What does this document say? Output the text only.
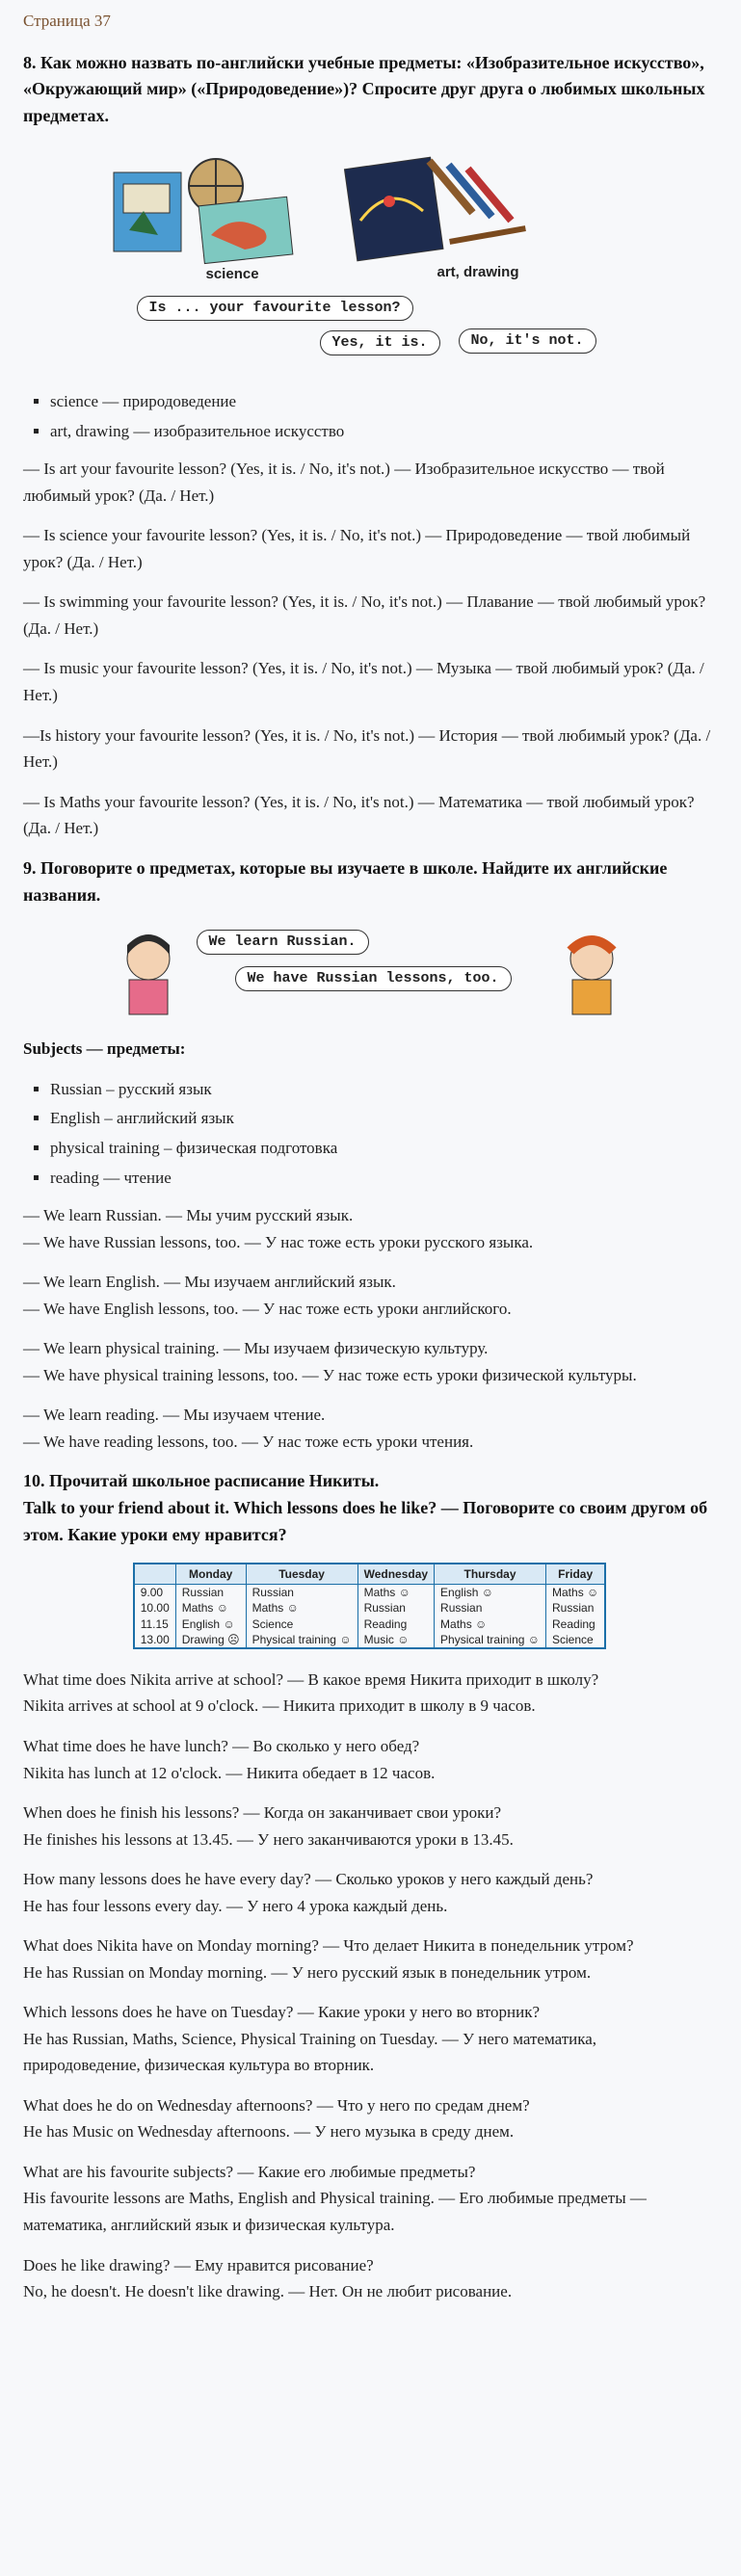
Страница 37
8. Как можно назвать по-английски учебные предметы: «Изобразительное искусство», «Окружающий мир» («Природоведение»)? Спросите друг друга о любимых школьных предметах.
science	art, drawing
Is ... your favourite lesson?
Yes, it is.	No, it's not.
▪ science — природоведение
▪ art, drawing — изобразительное искусство

— Is art your favourite lesson? (Yes, it is. / No, it's not.) — Изобразительное искусство — твой любимый урок? (Да. / Нет.)

— Is science your favourite lesson? (Yes, it is. / No, it's not.) — Природоведение — твой любимый урок? (Да. / Нет.)

— Is swimming your favourite lesson? (Yes, it is. / No, it's not.) — Плавание — твой любимый урок? (Да. / Нет.)

— Is music your favourite lesson? (Yes, it is. / No, it's not.) — Музыка — твой любимый урок? (Да. / Нет.)

—Is history your favourite lesson? (Yes, it is. / No, it's not.) — История — твой любимый урок? (Да. / Нет.)

— Is Maths your favourite lesson? (Yes, it is. / No, it's not.) — Математика — твой любимый урок? (Да. / Нет.)

9. Поговорите о предметах, которые вы изучаете в школе. Найдите их английские названия.
We learn Russian.
We have Russian lessons, too.
Subjects — предметы:
▪ Russian – русский язык
▪ English – английский язык
▪ physical training – физическая подготовка
▪ reading — чтение

— We learn Russian. — Мы учим русский язык.
— We have Russian lessons, too. — У нас тоже есть уроки русского языка.

— We learn English. — Мы изучаем английский язык.
— We have English lessons, too. — У нас тоже есть уроки английского.

— We learn physical training. — Мы изучаем физическую культуру.
— We have physical training lessons, too. — У нас тоже есть уроки физической культуры.

— We learn reading. — Мы изучаем чтение.
— We have reading lessons, too. — У нас тоже есть уроки чтения.

10. Прочитай школьное расписание Никиты.
Talk to your friend about it. Which lessons does he like? — Поговорите со своим другом об этом. Какие уроки ему нравится?
	Monday	Tuesday	Wednesday	Thursday	Friday
9.00	Russian	Russian	Maths ☺	English ☺	Maths ☺
10.00	Maths ☺	Maths ☺	Russian	Russian	Russian
11.15	English ☺	Science	Reading	Maths ☺	Reading
13.00	Drawing ☹	Physical training ☺	Music ☺	Physical training ☺	Science

What time does Nikita arrive at school? — В какое время Никита приходит в школу?
Nikita arrives at school at 9 o'clock. — Никита приходит в школу в 9 часов.

What time does he have lunch? — Во сколько у него обед?
Nikita has lunch at 12 o'clock. — Никита обедает в 12 часов.

When does he finish his lessons? — Когда он заканчивает свои уроки?
He finishes his lessons at 13.45. — У него заканчиваются уроки в 13.45.

How many lessons does he have every day? — Сколько уроков у него каждый день?
He has four lessons every day. — У него 4 урока каждый день.

What does Nikita have on Monday morning? — Что делает Никита в понедельник утром?
He has Russian on Monday morning. — У него русский язык в понедельник утром.

Which lessons does he have on Tuesday? — Какие уроки у него во вторник?
He has Russian, Maths, Science, Physical Training on Tuesday. — У него математика, природоведение, физическая культура во вторник.

What does he do on Wednesday afternoons? — Что у него по средам днем?
He has Music on Wednesday afternoons. — У него музыка в среду днем.

What are his favourite subjects? — Какие его любимые предметы?
His favourite lessons are Maths, English and Physical training. — Его любимые предметы — математика, английский язык и физическая культура.

Does he like drawing? — Ему нравится рисование?
No, he doesn't. He doesn't like drawing. — Нет. Он не любит рисование.
